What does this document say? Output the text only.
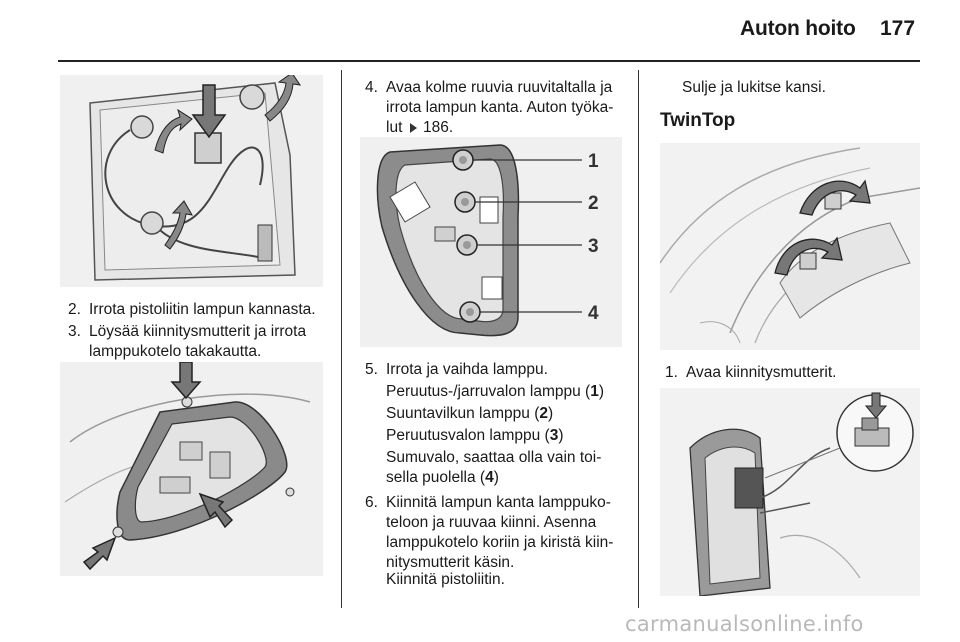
Auton hoito 177
2. Irrota pistoliitin lampun kannasta.
3. Löysää kiinnitysmutterit ja irrota lamppukotelo takakautta.
4. Avaa kolme ruuvia ruuvitaltalla ja
irrota lampun kanta. Auton työka-
lut 186.
1
2
3
4
5. Irrota ja vaihda lamppu.
Peruutus-/jarruvalon lamppu (1)
Suuntavilkun lamppu (2)
Peruutusvalon lamppu (3)
Sumuvalo, saattaa olla vain toi-
sella puolella (4)
6. Kiinnitä lampun kanta lamppuko-
teloon ja ruuvaa kiinni. Asenna
lamppukotelo koriin ja kiristä kiin-
nitysmutterit käsin.
Kiinnitä pistoliitin.
Sulje ja lukitse kansi.
TwinTop
1. Avaa kiinnitysmutterit.
carmanualsonline.info
